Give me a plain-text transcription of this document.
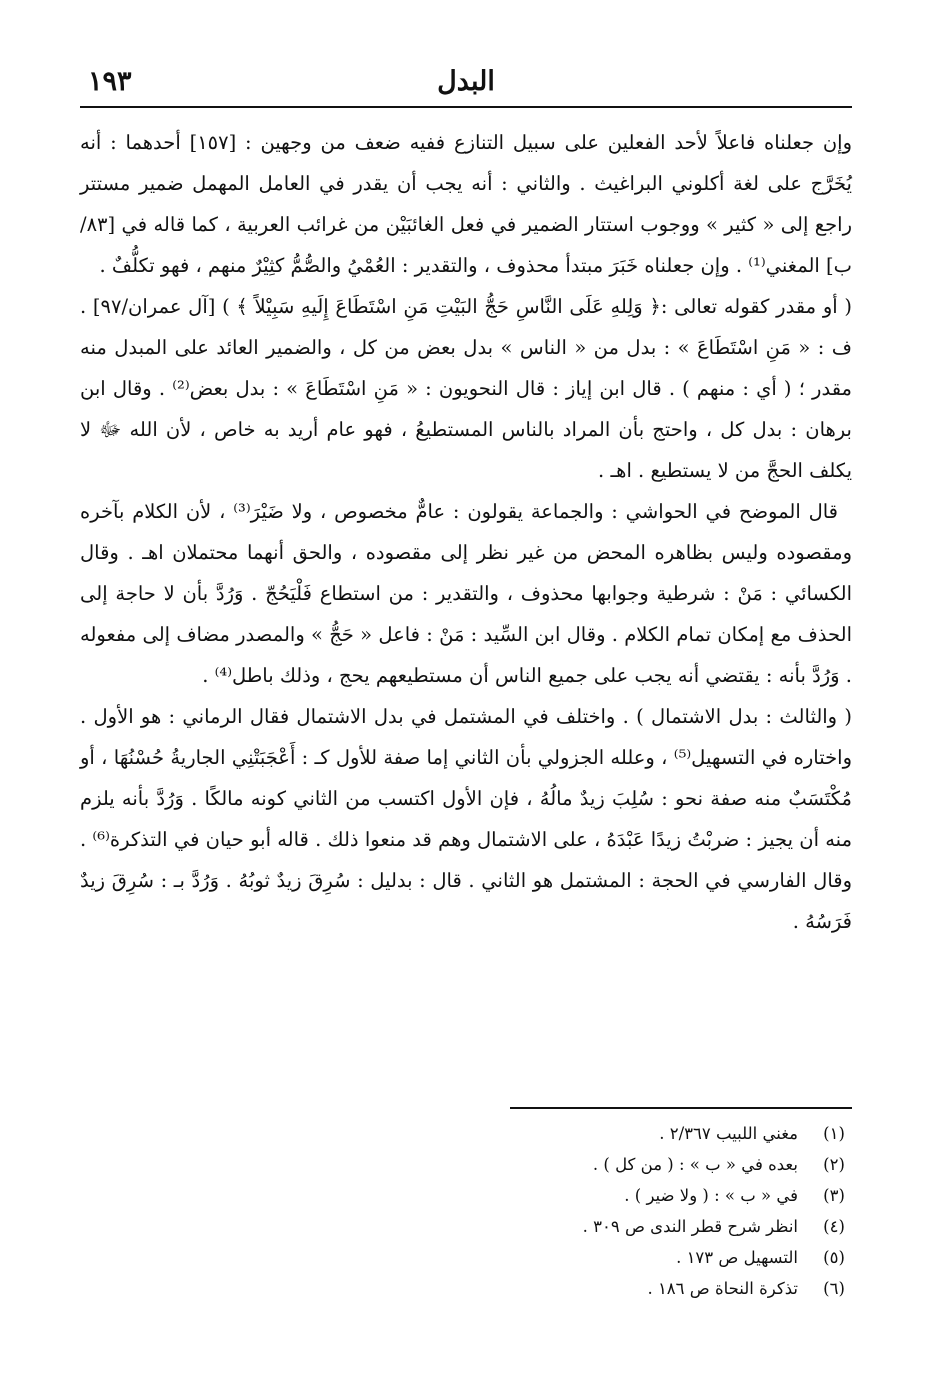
١٩٣	البدل

وإن جعلناه فاعلاً لأحد الفعلين على سبيل التنازع ففيه ضعف من وجهين : [١٥٧] أحدهما : أنه يُخَرَّج على لغة أكلوني البراغيث . والثاني : أنه يجب أن يقدر في العامل المهمل ضمير مستتر راجع إلى « كثير » ووجوب استتار الضمير في فعل الغائبَيْن من غرائب العربية ، كما قاله في [٨٣/ب] المغني⁽¹⁾ . وإن جعلناه خَبَرَ مبتدأ محذوف ، والتقدير : العُمْيُ والصُّمُّ كثِيْرٌ منهم ، فهو تكلُّفٌ .

( أو مقدر كقوله تعالى :﴿ وَلِلهِ عَلَى النَّاسِ حَجُّ البَيْتِ مَنِ اسْتَطَاعَ إِلَيهِ سَبِيْلاً ﴾ ) [آل عمران/٩٧] . ف : « مَنِ اسْتَطَاعَ » : بدل من « الناس » بدل بعض من كل ، والضمير العائد على المبدل منه مقدر ؛ ( أي : منهم ) . قال ابن إياز : قال النحويون : « مَنِ اسْتَطَاعَ » : بدل بعض⁽²⁾ . وقال ابن برهان : بدل كل ، واحتج بأن المراد بالناس المستطيعُ ، فهو عام أريد به خاص ، لأن الله ﷻ لا يكلف الحجَّ من لا يستطيع . اهـ .

قال الموضح في الحواشي : والجماعة يقولون : عامٌّ مخصوص ، ولا ضَيْرَ⁽³⁾ ، لأن الكلام بآخره ومقصوده وليس بظاهره المحض من غير نظر إلى مقصوده ، والحق أنهما محتملان اهـ . وقال الكسائي : مَنْ : شرطية وجوابها محذوف ، والتقدير : من استطاع فَلْيَحُجّ . وَرُدَّ بأن لا حاجة إلى الحذف مع إمكان تمام الكلام . وقال ابن السِّيد : مَنْ : فاعل « حَجُّ » والمصدر مضاف إلى مفعوله . وَرُدَّ بأنه : يقتضي أنه يجب على جميع الناس أن مستطيعهم يحج ، وذلك باطل⁽⁴⁾ .

( والثالث : بدل الاشتمال ) . واختلف في المشتمل في بدل الاشتمال فقال الرماني : هو الأول . واختاره في التسهيل⁽⁵⁾ ، وعلله الجزولي بأن الثاني إما صفة للأول كـ : أَعْجَبَتْنِي الجاريةُ حُسْنُهَا ، أو مُكْتَسَبٌ منه صفة نحو : سُلِبَ زيدٌ مالُهُ ، فإن الأول اكتسب من الثاني كونه مالكًا . وَرُدَّ بأنه يلزم منه أن يجيز : ضربْتُ زيدًا عَبْدَهُ ، على الاشتمال وهم قد منعوا ذلك . قاله أبو حيان في التذكرة⁽⁶⁾ . وقال الفارسي في الحجة : المشتمل هو الثاني . قال : بدليل : سُرِقَ زيدٌ ثوبُهُ . وَرُدَّ بـ : سُرِقَ زيدٌ فَرَسُهُ .

(١)
مغني اللبيب ٢/٣٦٧ .
(٢)
بعده في « ب » : ( من كل ) .
(٣)
في « ب » : ( ولا ضير ) .
(٤)
انظر شرح قطر الندى ص ٣٠٩ .
(٥)
التسهيل ص ١٧٣ .
(٦)
تذكرة النحاة ص ١٨٦ .
